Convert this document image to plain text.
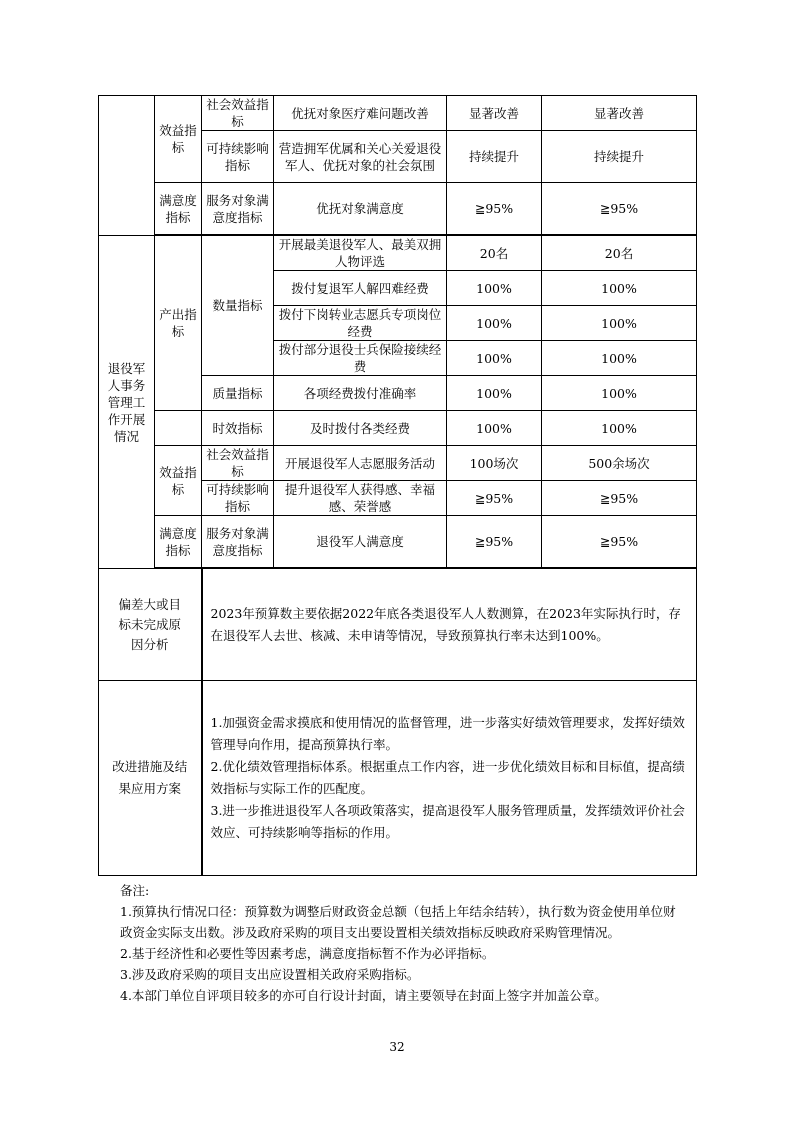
	效益指标	社会效益指标	优抚对象医疗难问题改善	显著改善	显著改善
		可持续影响指标	营造拥军优属和关心关爱退役军人、优抚对象的社会氛围	持续提升	持续提升
	满意度指标	服务对象满意度指标	优抚对象满意度	≧95%	≧95%

退役军人事务管理工作开展情况	产出指标	数量指标	开展最美退役军人、最美双拥人物评选	20名	20名
			拨付复退军人解四难经费	100%	100%
			拨付下岗转业志愿兵专项岗位经费	100%	100%
			拨付部分退役士兵保险接续经费	100%	100%
		质量指标	各项经费拨付准确率	100%	100%
		时效指标	及时拨付各类经费	100%	100%
	效益指标	社会效益指标	开展退役军人志愿服务活动	100场次	500余场次
		可持续影响指标	提升退役军人获得感、幸福感、荣誉感	≧95%	≧95%
	满意度指标	服务对象满意度指标	退役军人满意度	≧95%	≧95%

偏差大或目标未完成原因分析		2023年预算数主要依据2022年底各类退役军人人数测算，在2023年实际执行时，存在退役军人去世、核减、未申请等情况，导致预算执行率未达到100%。			
改进措施及结果应用方案		1.加强资金需求摸底和使用情况的监督管理，进一步落实好绩效管理要求，发挥好绩效管理导向作用，提高预算执行率。
2.优化绩效管理指标体系。根据重点工作内容，进一步优化绩效目标和目标值，提高绩效指标与实际工作的匹配度。
3.进一步推进退役军人各项政策落实，提高退役军人服务管理质量，发挥绩效评价社会效应、可持续影响等指标的作用。			

备注:

1.预算执行情况口径：预算数为调整后财政资金总额（包括上年结余结转），执行数为资金使用单位财政资金实际支出数。涉及政府采购的项目支出要设置相关绩效指标反映政府采购管理情况。

2.基于经济性和必要性等因素考虑，满意度指标暂不作为必评指标。

3.涉及政府采购的项目支出应设置相关政府采购指标。

4.本部门单位自评项目较多的亦可自行设计封面，请主要领导在封面上签字并加盖公章。

32
